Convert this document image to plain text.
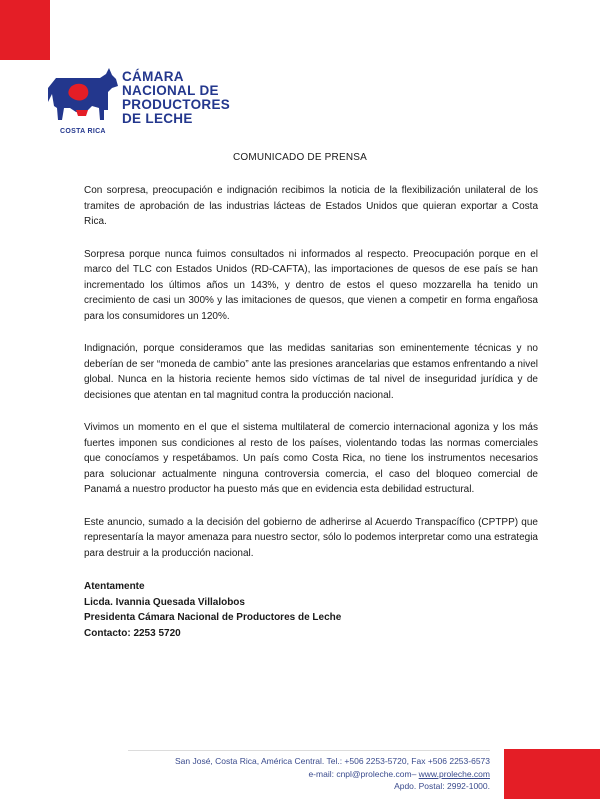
CÁMARA
NACIONAL DE
PRODUCTORES
DE LECHE
COSTA RICA
COMUNICADO DE PRENSA

Con sorpresa, preocupación e indignación recibimos la noticia de la flexibilización unilateral de los tramites de aprobación de las industrias lácteas de Estados Unidos que quieran exportar a Costa Rica.

Sorpresa porque nunca fuimos consultados ni informados al respecto. Preocupación porque en el marco del TLC con Estados Unidos (RD-CAFTA), las importaciones de quesos de ese país se han incrementado los últimos años un 143%, y dentro de estos el queso mozzarella ha tenido un crecimiento de casi un 300% y las imitaciones de quesos, que vienen a competir en forma engañosa para los consumidores un 120%.

Indignación, porque consideramos que las medidas sanitarias son eminentemente técnicas y no deberían de ser “moneda de cambio” ante las presiones arancelarias que estamos enfrentando a nivel global. Nunca en la historia reciente hemos sido víctimas de tal nivel de inseguridad jurídica y de decisiones que atentan en tal magnitud contra la producción nacional.

Vivimos un momento en el que el sistema multilateral de comercio internacional agoniza y los más fuertes imponen sus condiciones al resto de los países, violentando todas las normas comerciales que conocíamos y respetábamos. Un país como Costa Rica, no tiene los instrumentos necesarios para solucionar actualmente ninguna controversia comercia, el caso del bloqueo comercial de Panamá a nuestro productor ha puesto más que en evidencia esta debilidad estructural.

Este anuncio, sumado a la decisión del gobierno de adherirse al Acuerdo Transpacífico (CPTPP) que representaría la mayor amenaza para nuestro sector, sólo lo podemos interpretar como una estrategia para destruir a la producción nacional.

Atentamente
Licda. Ivannia Quesada Villalobos
Presidenta Cámara Nacional de Productores de Leche
Contacto: 2253 5720
San José, Costa Rica, América Central. Tel.: +506 2253-5720, Fax +506 2253-6573
e-mail: cnpl@proleche.com– www.proleche.com
Apdo. Postal: 2992-1000.
